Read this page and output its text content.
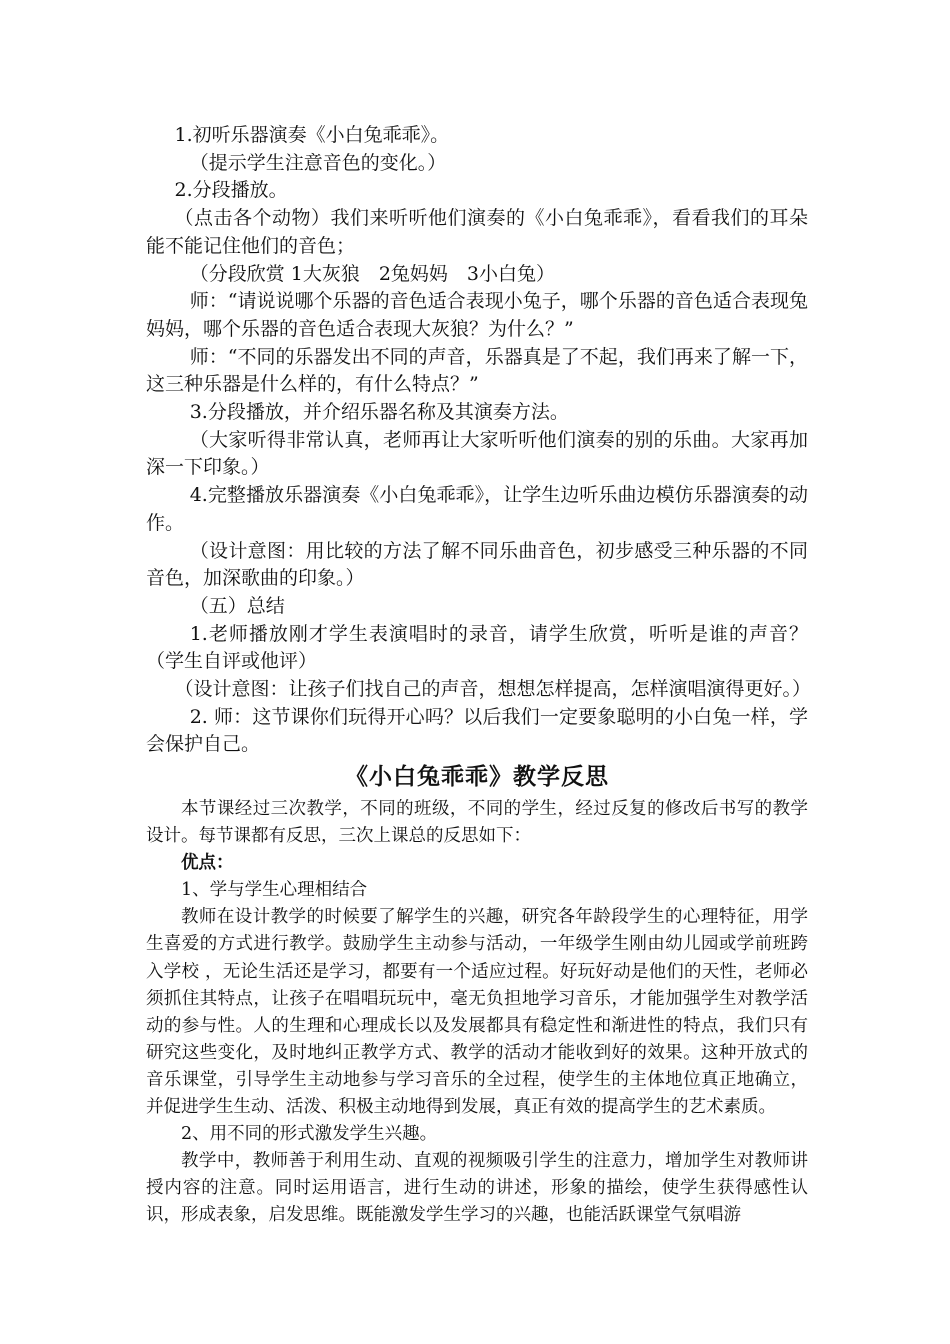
1.初听乐器演奏《小白兔乖乖》。

（提示学生注意音色的变化。）

2.分段播放。

（点击各个动物）我们来听听他们演奏的《小白兔乖乖》，看看我们的耳朵能不能记住他们的音色；

（分段欣赏 1大灰狼　2兔妈妈　3小白兔）

师：“请说说哪个乐器的音色适合表现小兔子，哪个乐器的音色适合表现兔妈妈，哪个乐器的音色适合表现大灰狼？为什么？”

师：“不同的乐器发出不同的声音，乐器真是了不起，我们再来了解一下，这三种乐器是什么样的，有什么特点？”

3.分段播放，并介绍乐器名称及其演奏方法。

（大家听得非常认真，老师再让大家听听他们演奏的别的乐曲。大家再加深一下印象。）

4.完整播放乐器演奏《小白兔乖乖》，让学生边听乐曲边模仿乐器演奏的动作。

（设计意图：用比较的方法了解不同乐曲音色，初步感受三种乐器的不同音色，加深歌曲的印象。）

（五）总结

1.老师播放刚才学生表演唱时的录音，请学生欣赏，听听是谁的声音？（学生自评或他评）

（设计意图：让孩子们找自己的声音，想想怎样提高，怎样演唱演得更好。）

2. 师：这节课你们玩得开心吗？以后我们一定要象聪明的小白兔一样，学会保护自己。

《小白兔乖乖》教学反思

本节课经过三次教学，不同的班级，不同的学生，经过反复的修改后书写的教学设计。每节课都有反思，三次上课总的反思如下：

优点：

1、学与学生心理相结合

教师在设计教学的时候要了解学生的兴趣，研究各年龄段学生的心理特征，用学生喜爱的方式进行教学。鼓励学生主动参与活动，一年级学生刚由幼儿园或学前班跨入学校 ，无论生活还是学习，都要有一个适应过程。好玩好动是他们的天性，老师必须抓住其特点，让孩子在唱唱玩玩中，毫无负担地学习音乐，才能加强学生对教学活动的参与性。人的生理和心理成长以及发展都具有稳定性和渐进性的特点，我们只有研究这些变化，及时地纠正教学方式、教学的活动才能收到好的效果。这种开放式的音乐课堂，引导学生主动地参与学习音乐的全过程，使学生的主体地位真正地确立，并促进学生生动、活泼、积极主动地得到发展，真正有效的提高学生的艺术素质。

2、用不同的形式激发学生兴趣。

教学中，教师善于利用生动、直观的视频吸引学生的注意力，增加学生对教师讲授内容的注意。同时运用语言，进行生动的讲述，形象的描绘，使学生获得感性认识，形成表象，启发思维。既能激发学生学习的兴趣，也能活跃课堂气氛唱游
